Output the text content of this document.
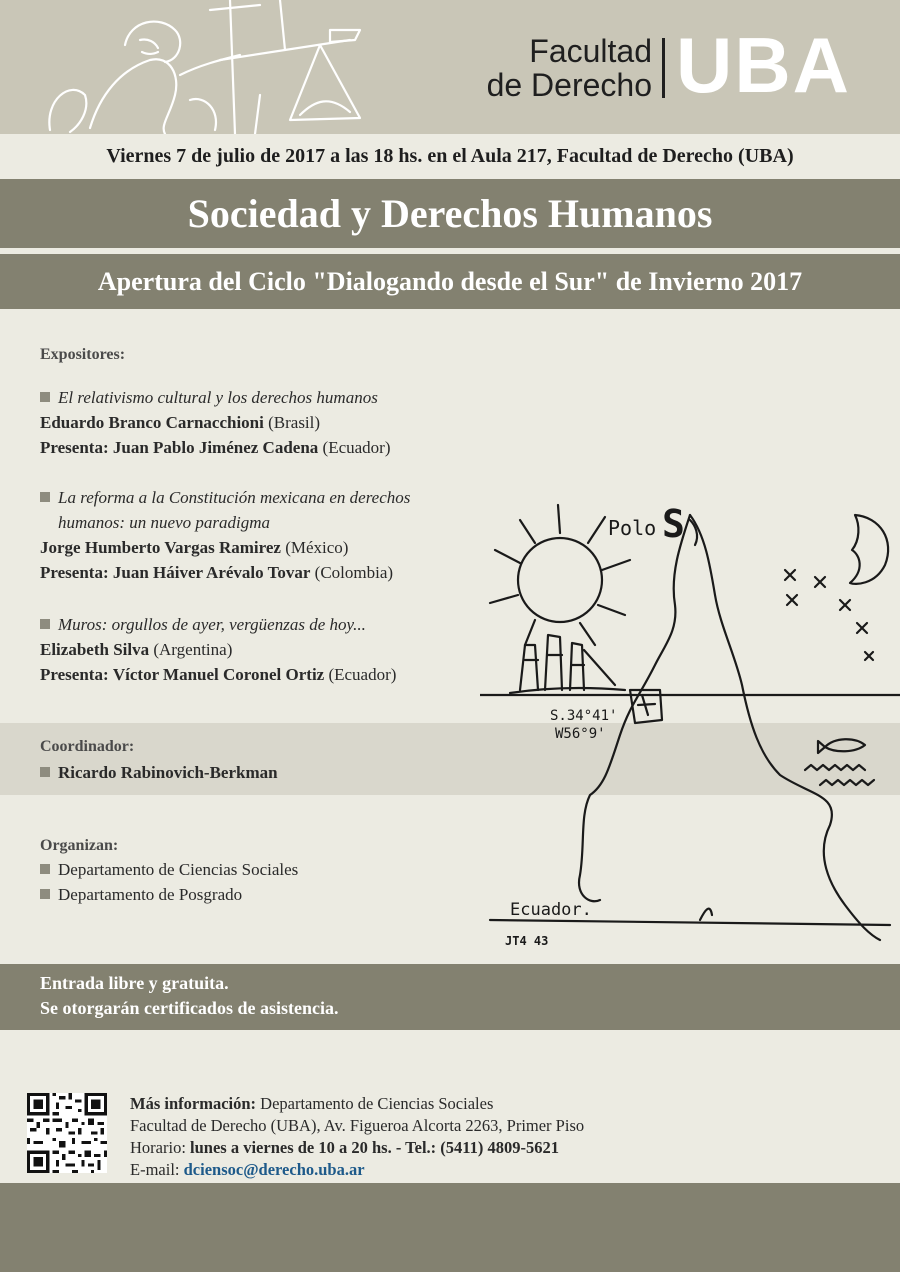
Facultad
de Derecho UBA
Viernes 7 de julio de 2017 a las 18 hs. en el Aula 217, Facultad de Derecho (UBA)
Sociedad y Derechos Humanos
Apertura del Ciclo "Dialogando desde el Sur" de Invierno 2017
Polo S
S.34°41'
W56°9'
Ecuador.
JT4 43
Expositores:
El relativismo cultural y los derechos humanos
Eduardo Branco Carnacchioni (Brasil)
Presenta: Juan Pablo Jiménez Cadena (Ecuador)
La reforma a la Constitución mexicana en derechos
humanos: un nuevo paradigma
Jorge Humberto Vargas Ramirez (México)
Presenta: Juan Háiver Arévalo Tovar (Colombia)
Muros: orgullos de ayer, vergüenzas de hoy...
Elizabeth Silva (Argentina)
Presenta: Víctor Manuel Coronel Ortiz (Ecuador)
Coordinador:
Ricardo Rabinovich-Berkman
Organizan:
Departamento de Ciencias Sociales
Departamento de Posgrado
Entrada libre y gratuita.
Se otorgarán certificados de asistencia.
Más información: Departamento de Ciencias Sociales
Facultad de Derecho (UBA), Av. Figueroa Alcorta 2263, Primer Piso
Horario: lunes a viernes de 10 a 20 hs. - Tel.: (5411) 4809-5621
E-mail: dciensoc@derecho.uba.ar
